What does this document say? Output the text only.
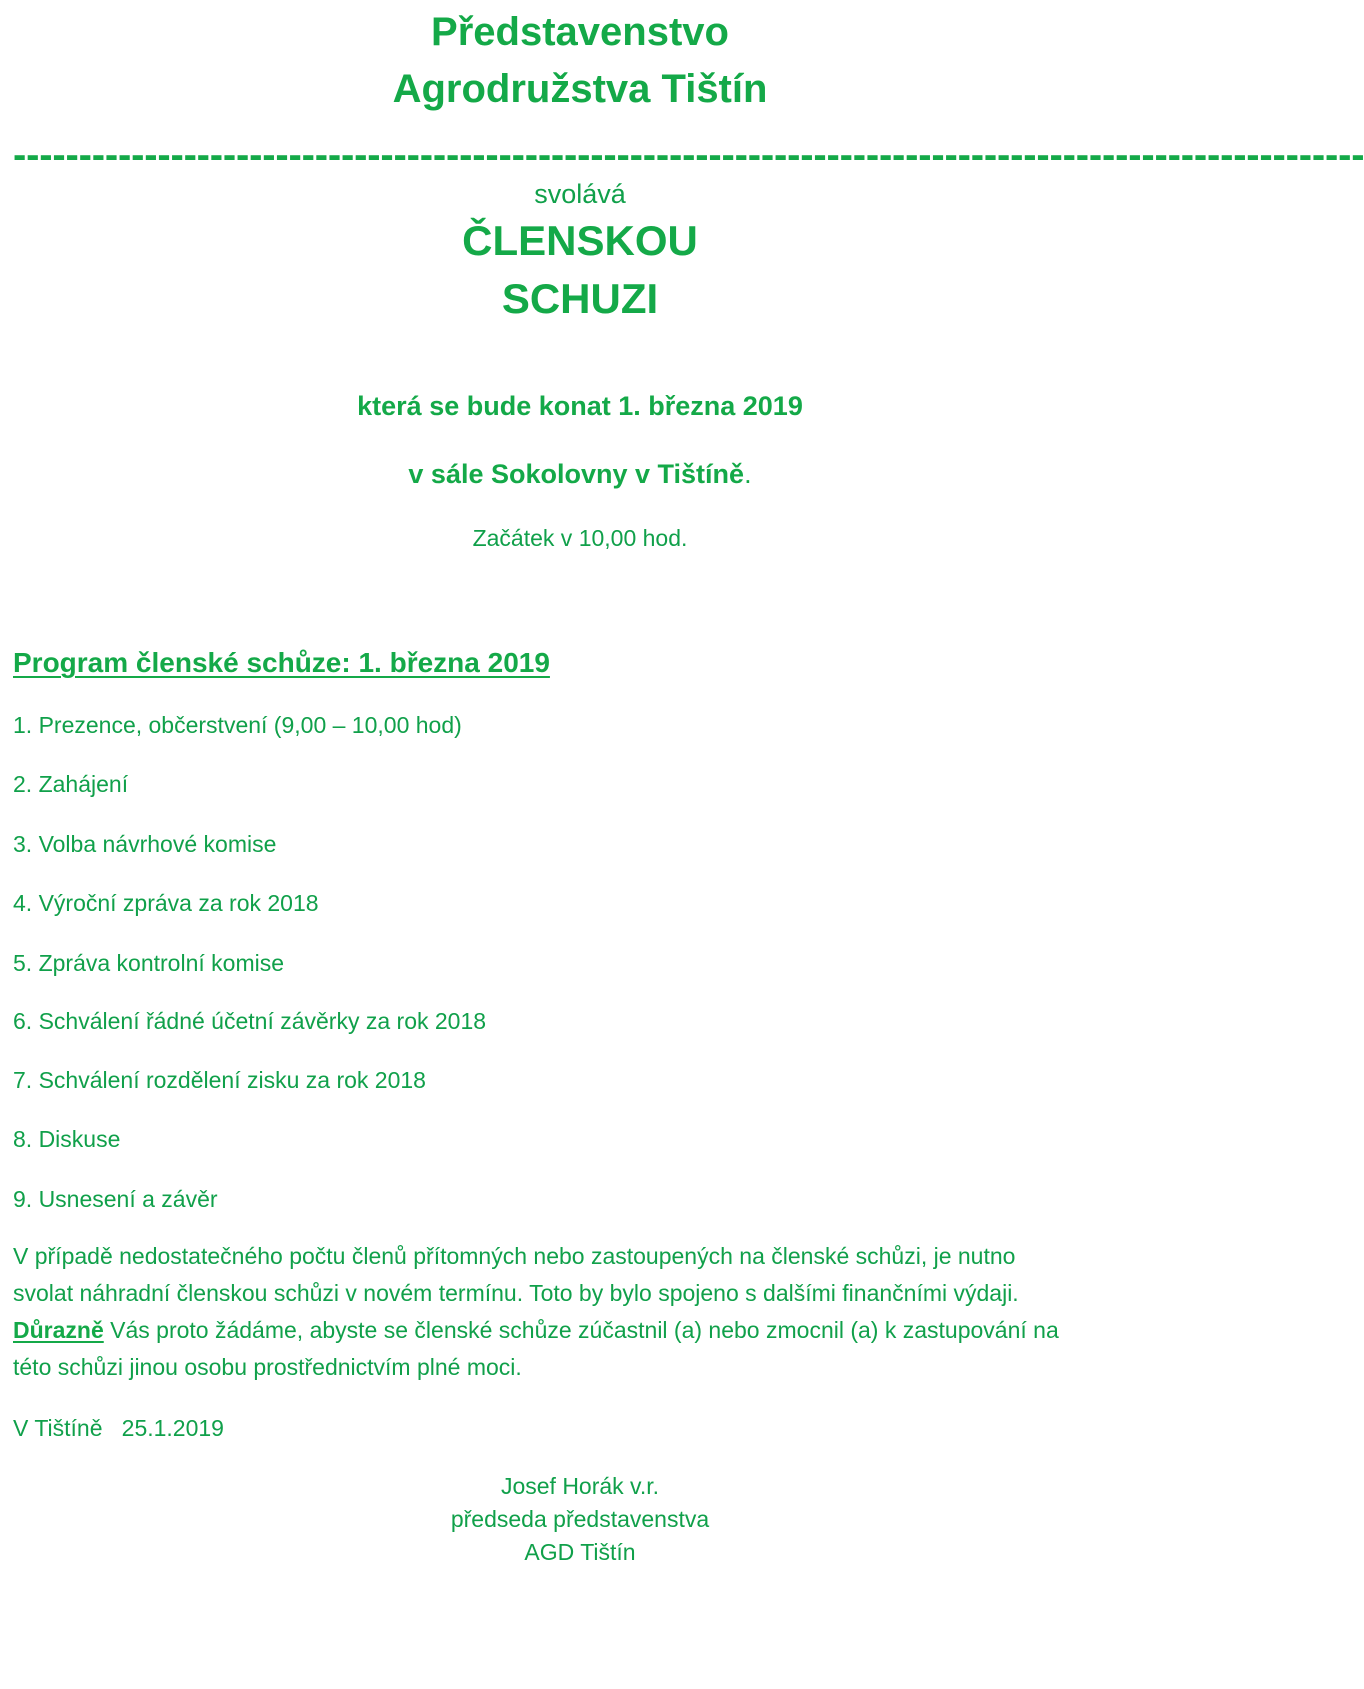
Představenstvo
Agrodružstva Tištín
-------------------------------------------------------------------------------------------------------
svolává
ČLENSKOU
SCHUZI
která se bude konat 1. března 2019
v sále Sokolovny v Tištíně.
Začátek v 10,00 hod.
Program členské schůze: 1. března 2019
1. Prezence, občerstvení (9,00 – 10,00 hod)
2. Zahájení
3. Volba návrhové komise
4. Výroční zpráva za rok 2018
5. Zpráva kontrolní komise
6. Schválení řádné účetní závěrky za rok 2018
7. Schválení rozdělení zisku za rok 2018
8. Diskuse
9. Usnesení a závěr
V případě nedostatečného počtu členů přítomných nebo zastoupených na členské schůzi, je nutno
svolat náhradní členskou schůzi v novém termínu. Toto by bylo spojeno s dalšími finančními výdaji.
Důrazně Vás proto žádáme, abyste se členské schůze zúčastnil (a) nebo zmocnil (a) k zastupování na
této schůzi jinou osobu prostřednictvím plné moci.
V Tištíně   25.1.2019
Josef Horák v.r.
předseda představenstva
AGD Tištín
